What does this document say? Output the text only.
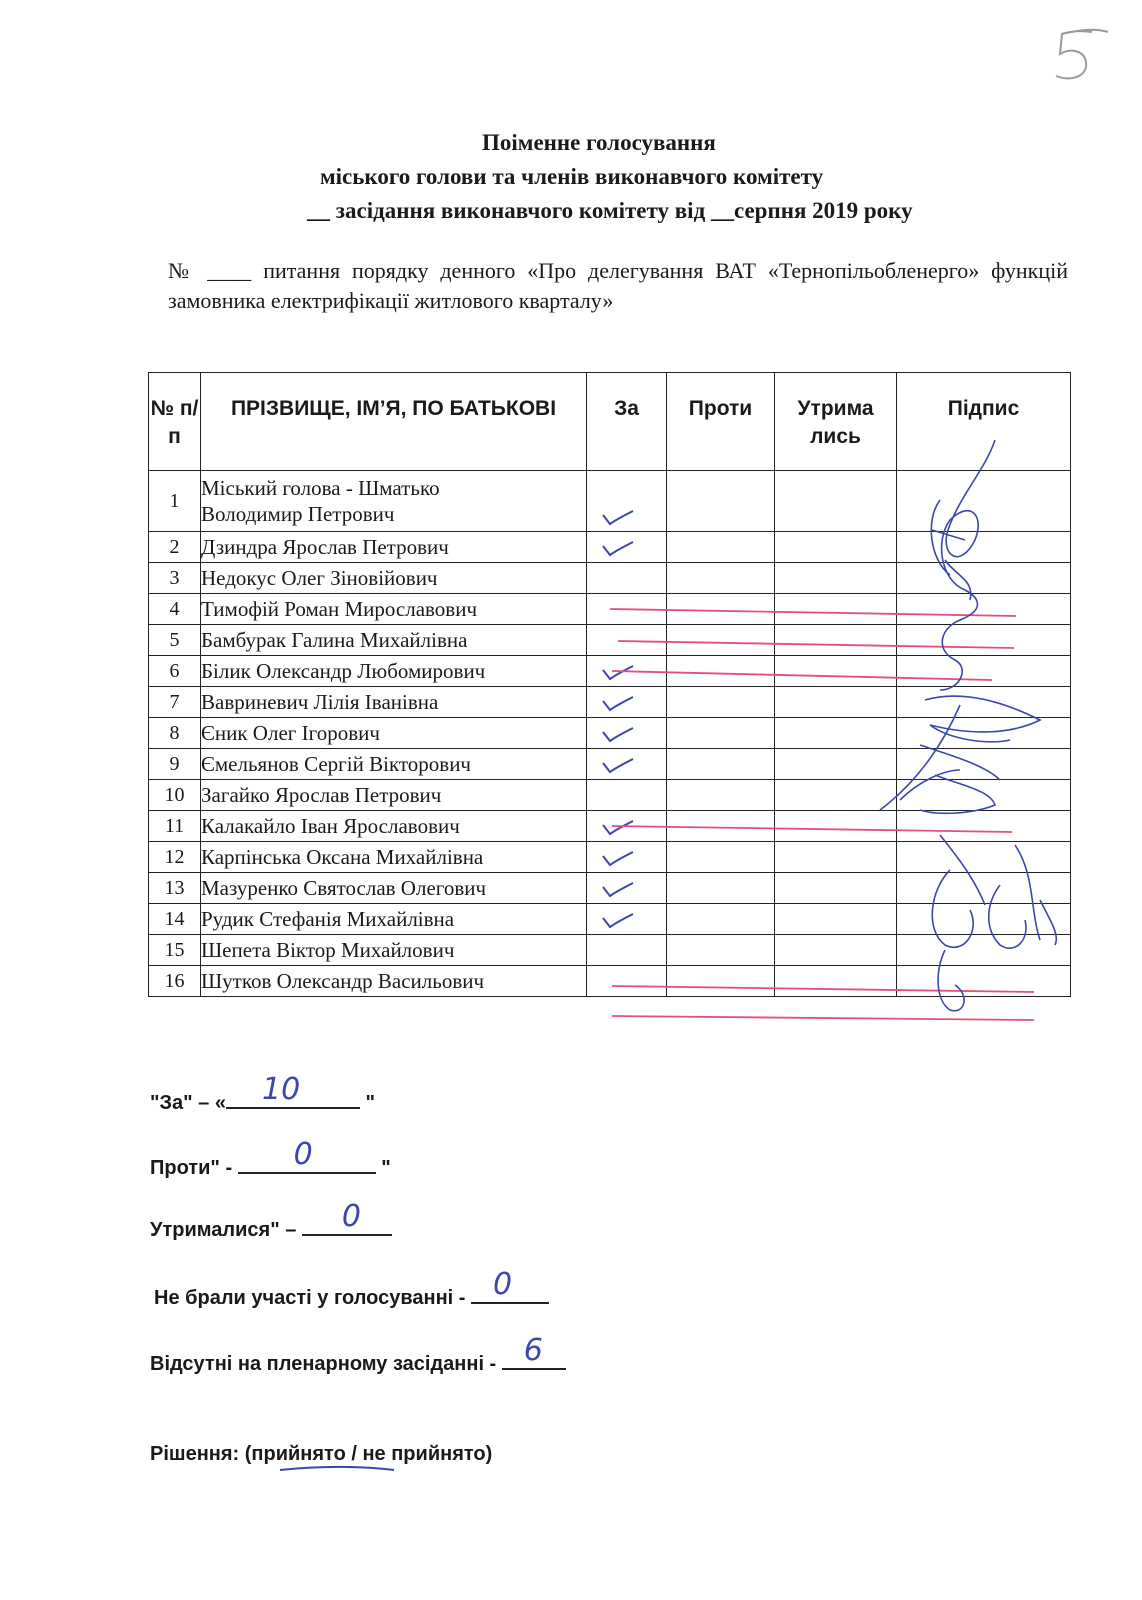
Поіменне голосування
міського голови та членів виконавчого комітету
__ засідання виконавчого комітету від __серпня 2019 року
№ ____ питання порядку денного «Про делегування ВАТ «Тернопільобленерго» функцій замовника електрифікації житлового кварталу»
№ п/п	ПРІЗВИЩЕ, ІМ’Я, ПО БАТЬКОВІ	За	Проти	Утрима лись	Підпис
1	Міський голова - Шматько
Володимир Петрович

2	Дзиндра Ярослав Петрович	

3	Недокус Олег Зіновійович				
4	Тимофій Роман Мирославович				
5	Бамбурак Галина Михайлівна				
6	Білик Олександр Любомирович	

7	Вавриневич Лілія Іванівна	

8	Єник Олег Ігорович	

9	Ємельянов Сергій Вікторович	

10	Загайко Ярослав Петрович				
11	Калакайло Іван Ярославович	

12	Карпінська Оксана Михайлівна	

13	Мазуренко Святослав Олегович	

14	Рудик Стефанія Михайлівна	

15	Шепета Віктор Михайлович				
16	Шутков Олександр Васильович				
"За" – « 10	"
Проти" - 0	"
Утрималися" – 0
Не брали участі у голосуванні - 0
Відсутні на пленарному засіданні - 6
Рішення: (прийнято / не прийнято)
